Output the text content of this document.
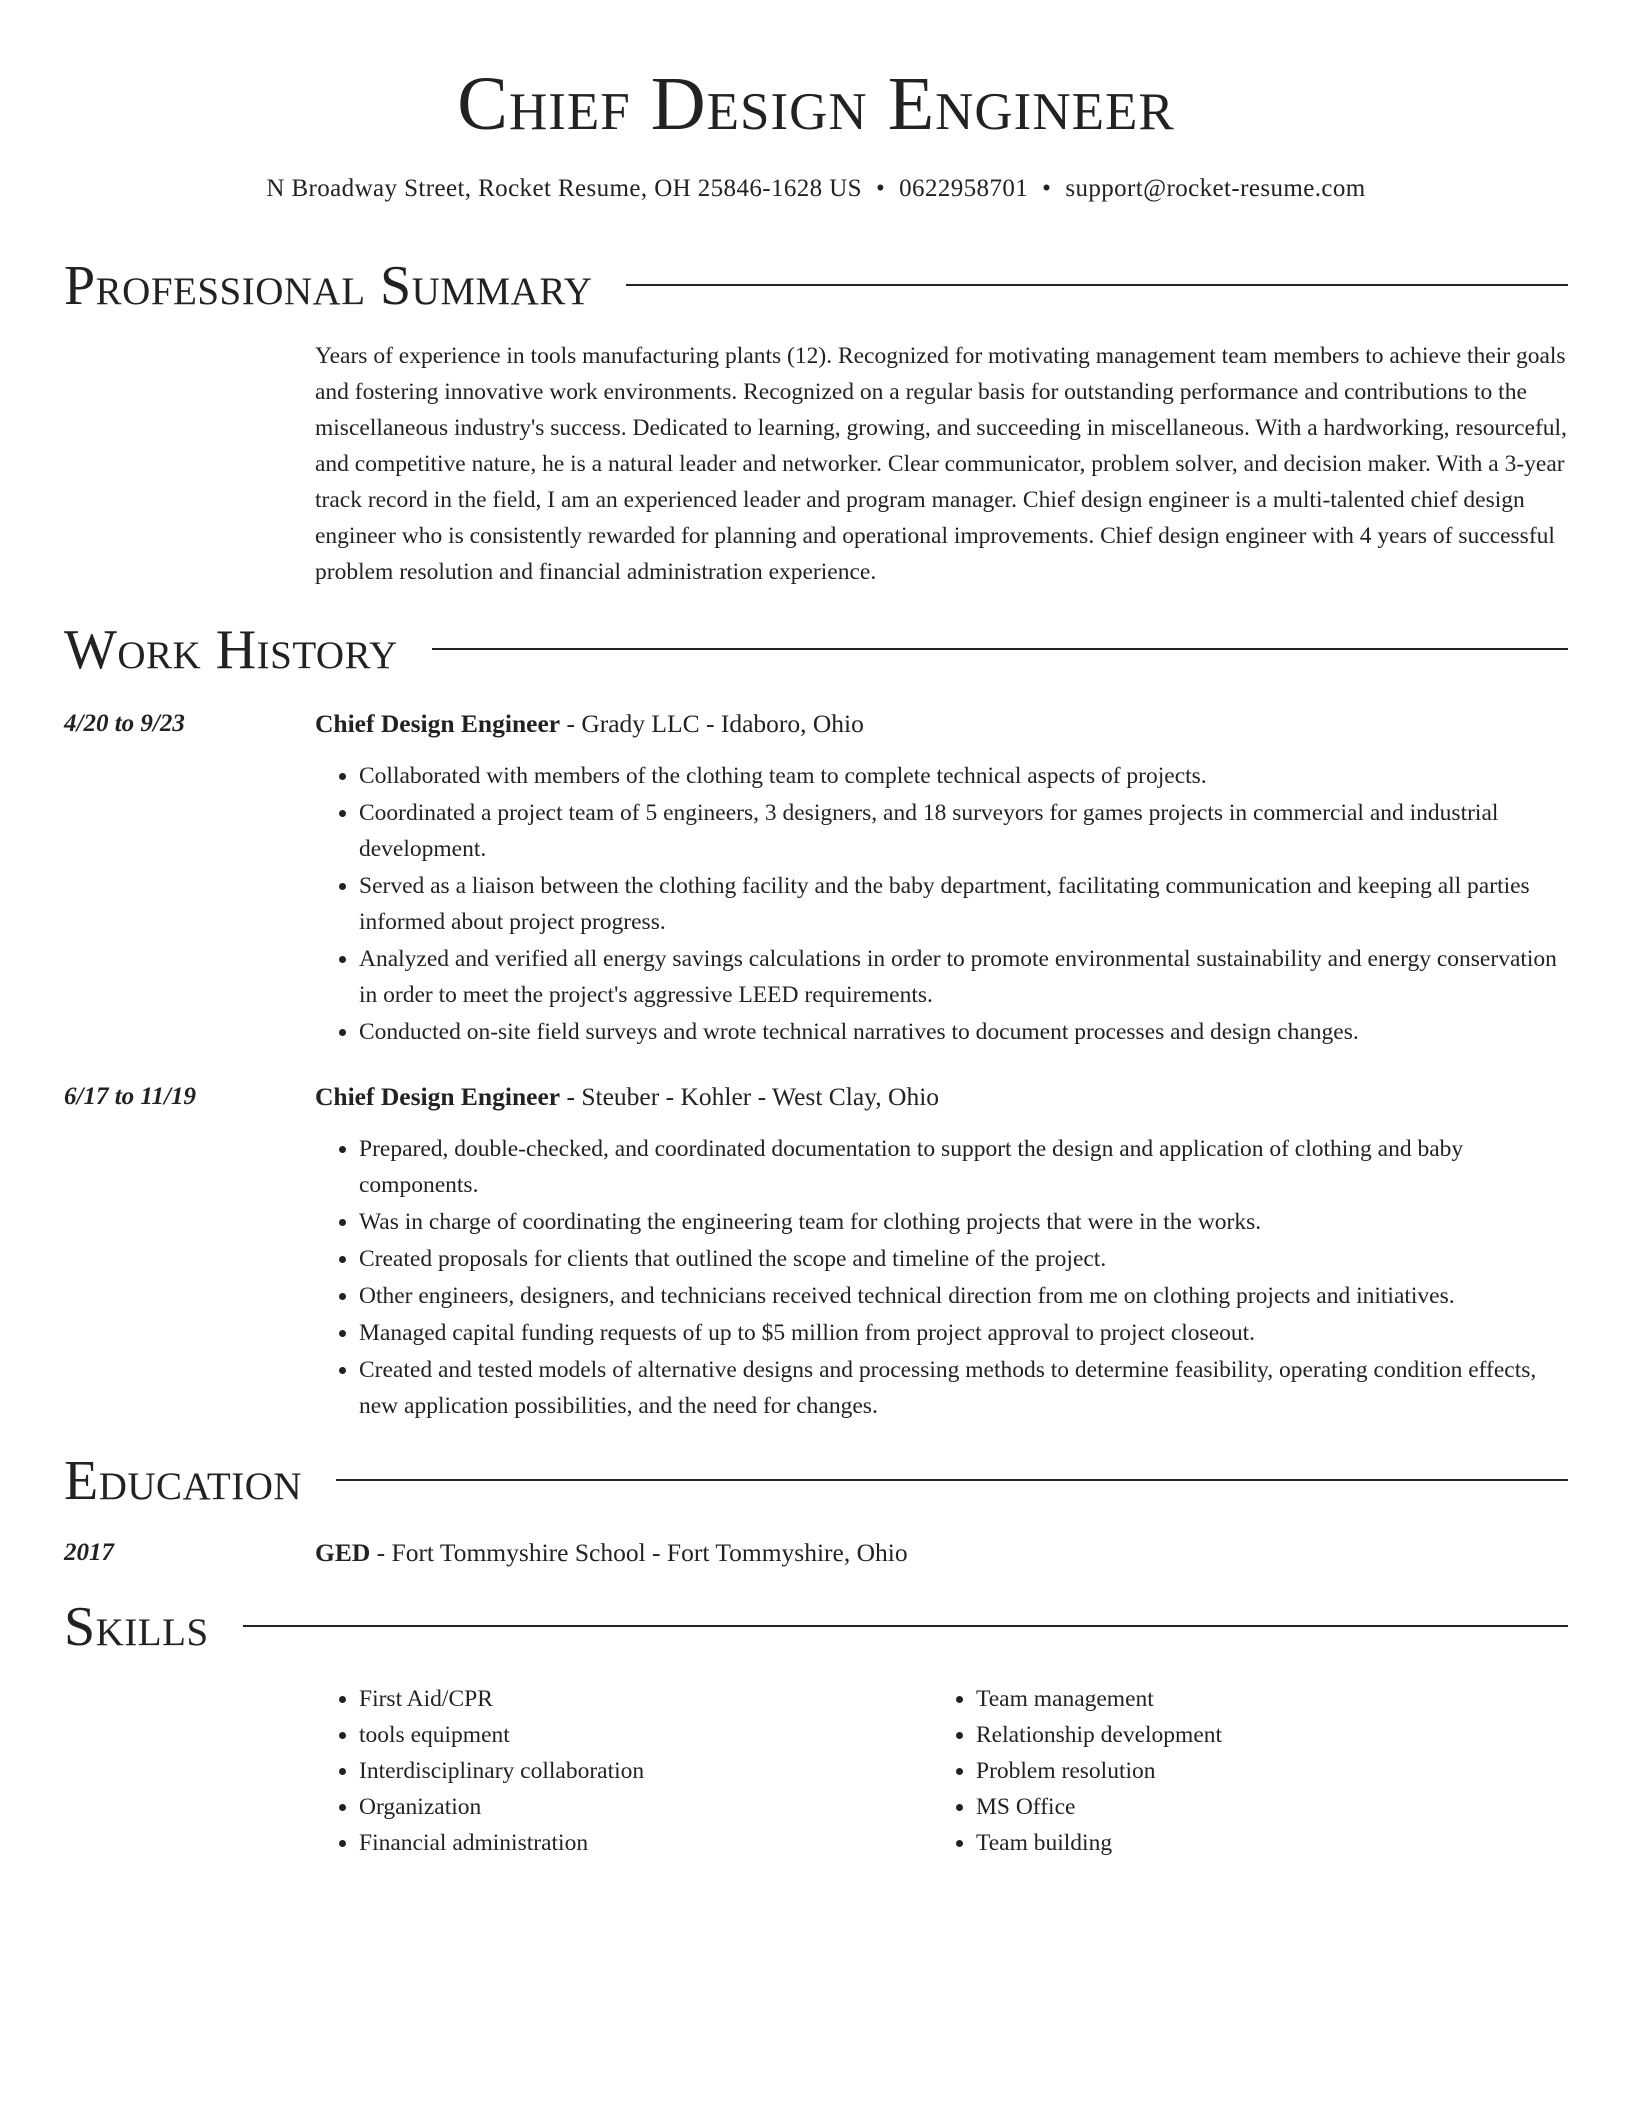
Chief Design Engineer
N Broadway Street, Rocket Resume, OH 25846-1628 US • 0622958701 • support@rocket-resume.com
Professional Summary
Years of experience in tools manufacturing plants (12). Recognized for motivating management team members to achieve their goals and fostering innovative work environments. Recognized on a regular basis for outstanding performance and contributions to the miscellaneous industry's success. Dedicated to learning, growing, and succeeding in miscellaneous. With a hardworking, resourceful, and competitive nature, he is a natural leader and networker. Clear communicator, problem solver, and decision maker. With a 3-year track record in the field, I am an experienced leader and program manager. Chief design engineer is a multi-talented chief design engineer who is consistently rewarded for planning and operational improvements. Chief design engineer with 4 years of successful problem resolution and financial administration experience.
Work History
4/20 to 9/23	Chief Design Engineer - Grady LLC - Idaboro, Ohio
• Collaborated with members of the clothing team to complete technical aspects of projects.
• Coordinated a project team of 5 engineers, 3 designers, and 18 surveyors for games projects in commercial and industrial development.
• Served as a liaison between the clothing facility and the baby department, facilitating communication and keeping all parties informed about project progress.
• Analyzed and verified all energy savings calculations in order to promote environmental sustainability and energy conservation in order to meet the project's aggressive LEED requirements.
• Conducted on-site field surveys and wrote technical narratives to document processes and design changes.
6/17 to 11/19	Chief Design Engineer - Steuber - Kohler - West Clay, Ohio
• Prepared, double-checked, and coordinated documentation to support the design and application of clothing and baby components.
• Was in charge of coordinating the engineering team for clothing projects that were in the works.
• Created proposals for clients that outlined the scope and timeline of the project.
• Other engineers, designers, and technicians received technical direction from me on clothing projects and initiatives.
• Managed capital funding requests of up to $5 million from project approval to project closeout.
• Created and tested models of alternative designs and processing methods to determine feasibility, operating condition effects, new application possibilities, and the need for changes.
Education
2017	GED - Fort Tommyshire School - Fort Tommyshire, Ohio
Skills
• First Aid/CPR
• tools equipment
• Interdisciplinary collaboration
• Organization
• Financial administration
• Team management
• Relationship development
• Problem resolution
• MS Office
• Team building
